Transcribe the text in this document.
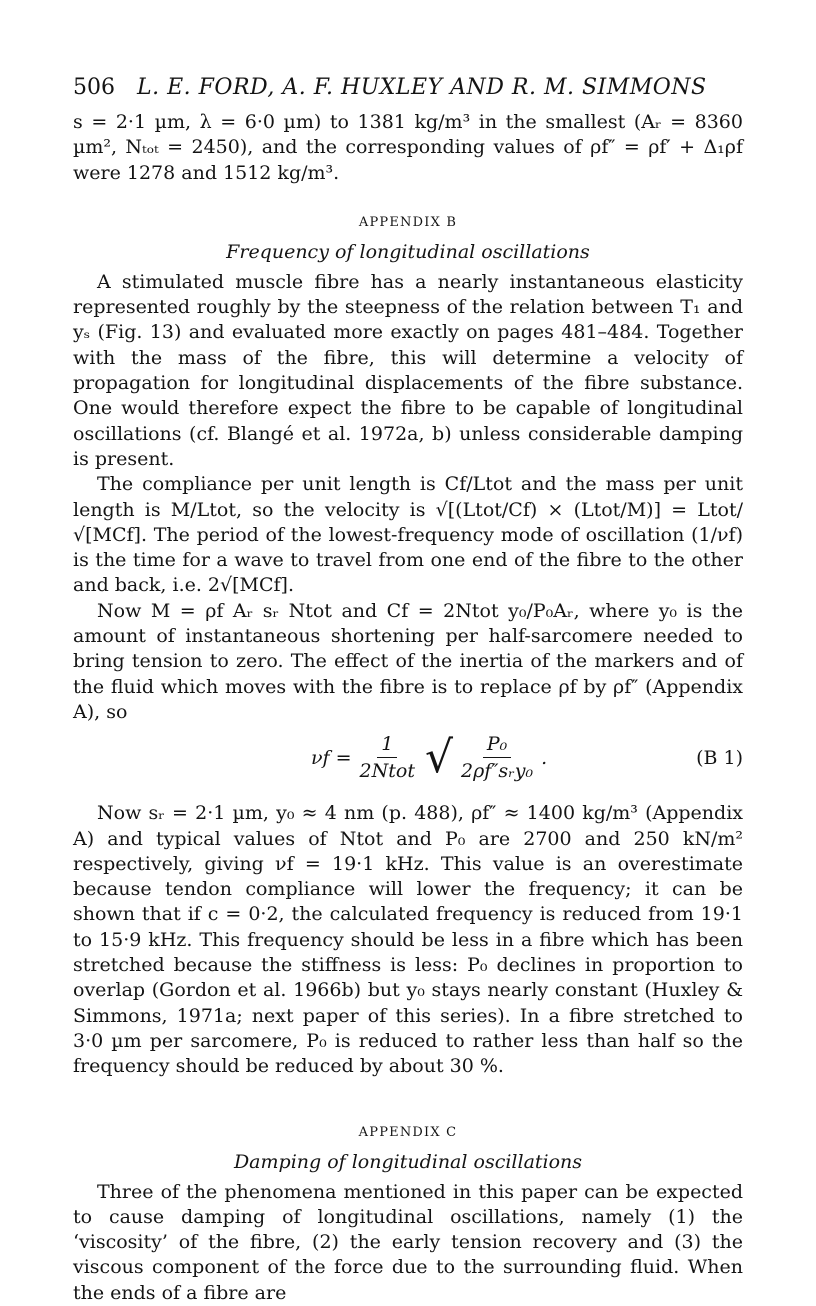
506 L. E. FORD, A. F. HUXLEY AND R. M. SIMMONS

s = 2·1 µm, λ = 6·0 µm) to 1381 kg/m³ in the smallest (Aᵣ = 8360 µm², Nₜₒₜ = 2450), and the corresponding values of ρf″ = ρf′ + Δ₁ρf were 1278 and 1512 kg/m³.

APPENDIX B
Frequency of longitudinal oscillations

A stimulated muscle fibre has a nearly instantaneous elasticity represented roughly by the steepness of the relation between T₁ and yₛ (Fig. 13) and evaluated more exactly on pages 481–484. Together with the mass of the fibre, this will determine a velocity of propagation for longitudinal displacements of the fibre substance. One would therefore expect the fibre to be capable of longitudinal oscillations (cf. Blangé et al. 1972a, b) unless considerable damping is present.

The compliance per unit length is Cf/Ltot and the mass per unit length is M/Ltot, so the velocity is √[(Ltot/Cf) × (Ltot/M)] = Ltot/√[MCf]. The period of the lowest-frequency mode of oscillation (1/νf) is the time for a wave to travel from one end of the fibre to the other and back, i.e. 2√[MCf].

Now M = ρf Aᵣ sᵣ Ntot and Cf = 2Ntot y₀/P₀Aᵣ, where y₀ is the amount of instantaneous shortening per half-sarcomere needed to bring tension to zero. The effect of the inertia of the markers and of the fluid which moves with the fibre is to replace ρf by ρf″ (Appendix A), so

$\nu f = \frac{1}{\text{2Ntot}}$ √ $\frac{\text{P₀}}{\text{2ρf″sᵣy₀}}$ .	(B 1)

Now sᵣ = 2·1 µm, y₀ ≈ 4 nm (p. 488), ρf″ ≈ 1400 kg/m³ (Appendix A) and typical values of Ntot and P₀ are 2700 and 250 kN/m² respectively, giving νf = 19·1 kHz. This value is an overestimate because tendon compliance will lower the frequency; it can be shown that if c = 0·2, the calculated frequency is reduced from 19·1 to 15·9 kHz. This frequency should be less in a fibre which has been stretched because the stiffness is less: P₀ declines in proportion to overlap (Gordon et al. 1966b) but y₀ stays nearly constant (Huxley & Simmons, 1971a; next paper of this series). In a fibre stretched to 3·0 µm per sarcomere, P₀ is reduced to rather less than half so the frequency should be reduced by about 30 %.

APPENDIX C
Damping of longitudinal oscillations

Three of the phenomena mentioned in this paper can be expected to cause damping of longitudinal oscillations, namely (1) the ‘viscosity’ of the fibre, (2) the early tension recovery and (3) the viscous component of the force due to the surrounding fluid. When the ends of a fibre are
